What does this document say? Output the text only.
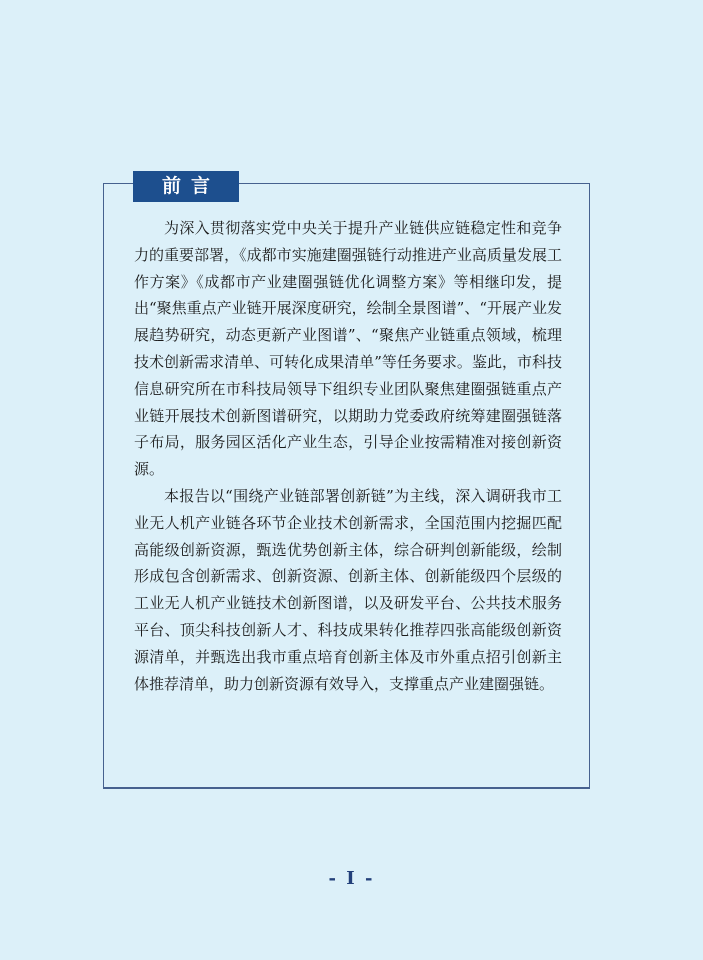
前言

为深入贯彻落实党中央关于提升产业链供应链稳定性和竞争力的重要部署，《成都市实施建圈强链行动推进产业高质量发展工作方案》《成都市产业建圈强链优化调整方案》等相继印发，提出“聚焦重点产业链开展深度研究，绘制全景图谱”、“开展产业发展趋势研究，动态更新产业图谱”、“聚焦产业链重点领域，梳理技术创新需求清单、可转化成果清单”等任务要求。鉴此，市科技信息研究所在市科技局领导下组织专业团队聚焦建圈强链重点产业链开展技术创新图谱研究，以期助力党委政府统筹建圈强链落子布局，服务园区活化产业生态，引导企业按需精准对接创新资源。

本报告以“围绕产业链部署创新链”为主线，深入调研我市工业无人机产业链各环节企业技术创新需求，全国范围内挖掘匹配高能级创新资源，甄选优势创新主体，综合研判创新能级，绘制形成包含创新需求、创新资源、创新主体、创新能级四个层级的工业无人机产业链技术创新图谱，以及研发平台、公共技术服务平台、顶尖科技创新人才、科技成果转化推荐四张高能级创新资源清单，并甄选出我市重点培育创新主体及市外重点招引创新主体推荐清单，助力创新资源有效导入，支撑重点产业建圈强链。

- I -
